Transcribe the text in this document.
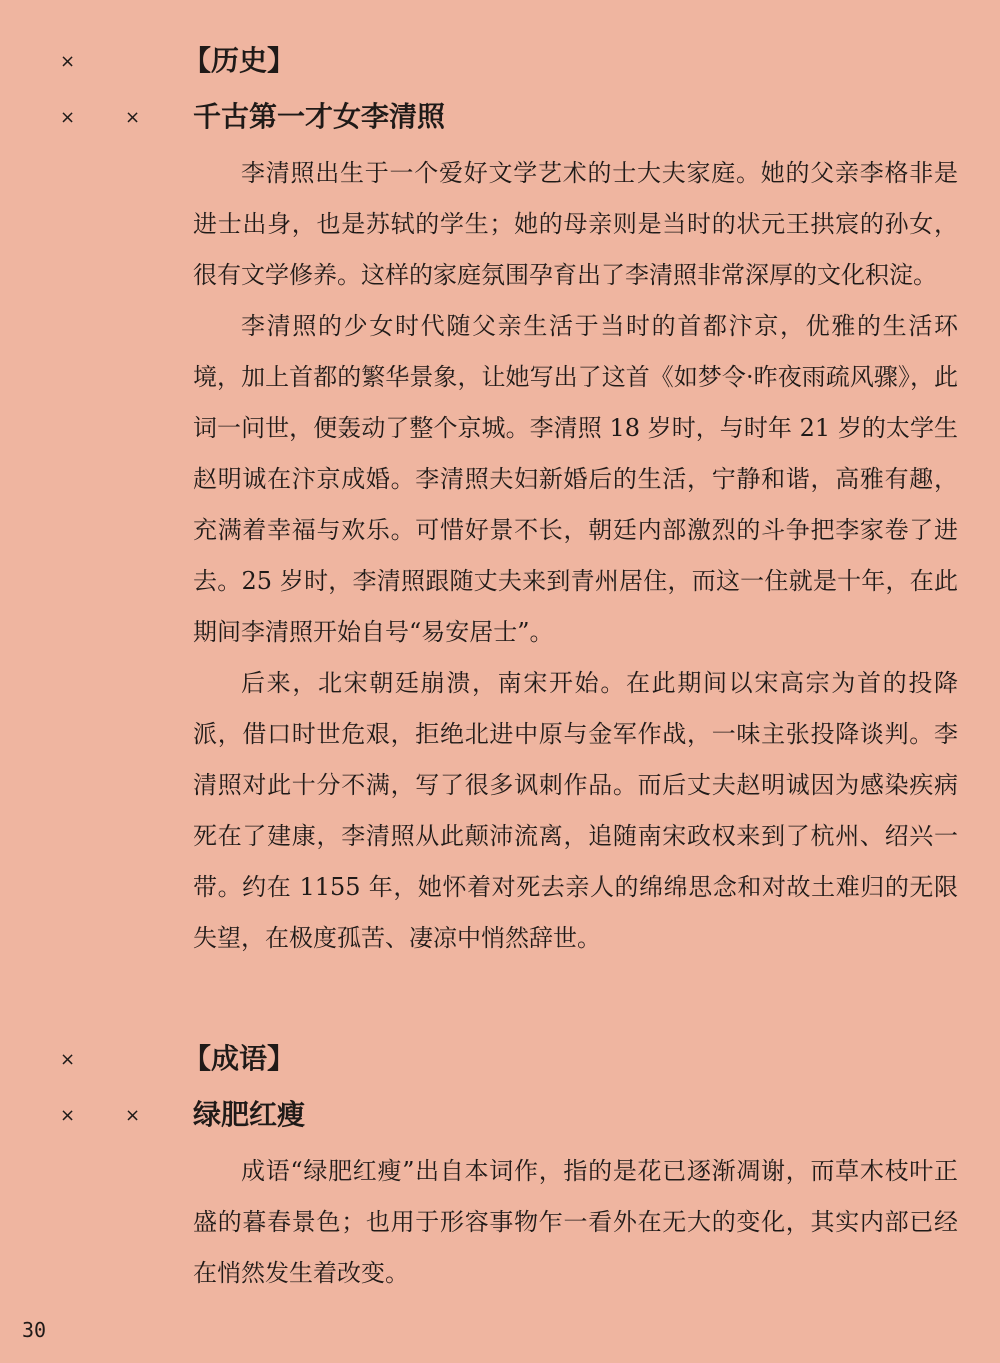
×	【历史】
×	× 千古第一才女李清照

李清照出生于一个爱好文学艺术的士大夫家庭。她的父亲李格非是进士出身，也是苏轼的学生；她的母亲则是当时的状元王拱宸的孙女，很有文学修养。这样的家庭氛围孕育出了李清照非常深厚的文化积淀。

李清照的少女时代随父亲生活于当时的首都汴京，优雅的生活环境，加上首都的繁华景象，让她写出了这首《如梦令·昨夜雨疏风骤》，此词一问世，便轰动了整个京城。李清照 18 岁时，与时年 21 岁的太学生赵明诚在汴京成婚。李清照夫妇新婚后的生活，宁静和谐，高雅有趣，充满着幸福与欢乐。可惜好景不长，朝廷内部激烈的斗争把李家卷了进去。25 岁时，李清照跟随丈夫来到青州居住，而这一住就是十年，在此期间李清照开始自号“易安居士”。

后来，北宋朝廷崩溃，南宋开始。在此期间以宋高宗为首的投降派，借口时世危艰，拒绝北进中原与金军作战，一味主张投降谈判。李清照对此十分不满，写了很多讽刺作品。而后丈夫赵明诚因为感染疾病死在了建康，李清照从此颠沛流离，追随南宋政权来到了杭州、绍兴一带。约在 1155 年，她怀着对死去亲人的绵绵思念和对故土难归的无限失望，在极度孤苦、凄凉中悄然辞世。

×	【成语】
×	× 绿肥红瘦

成语“绿肥红瘦”出自本词作，指的是花已逐渐凋谢，而草木枝叶正盛的暮春景色；也用于形容事物乍一看外在无大的变化，其实内部已经在悄然发生着改变。

30
